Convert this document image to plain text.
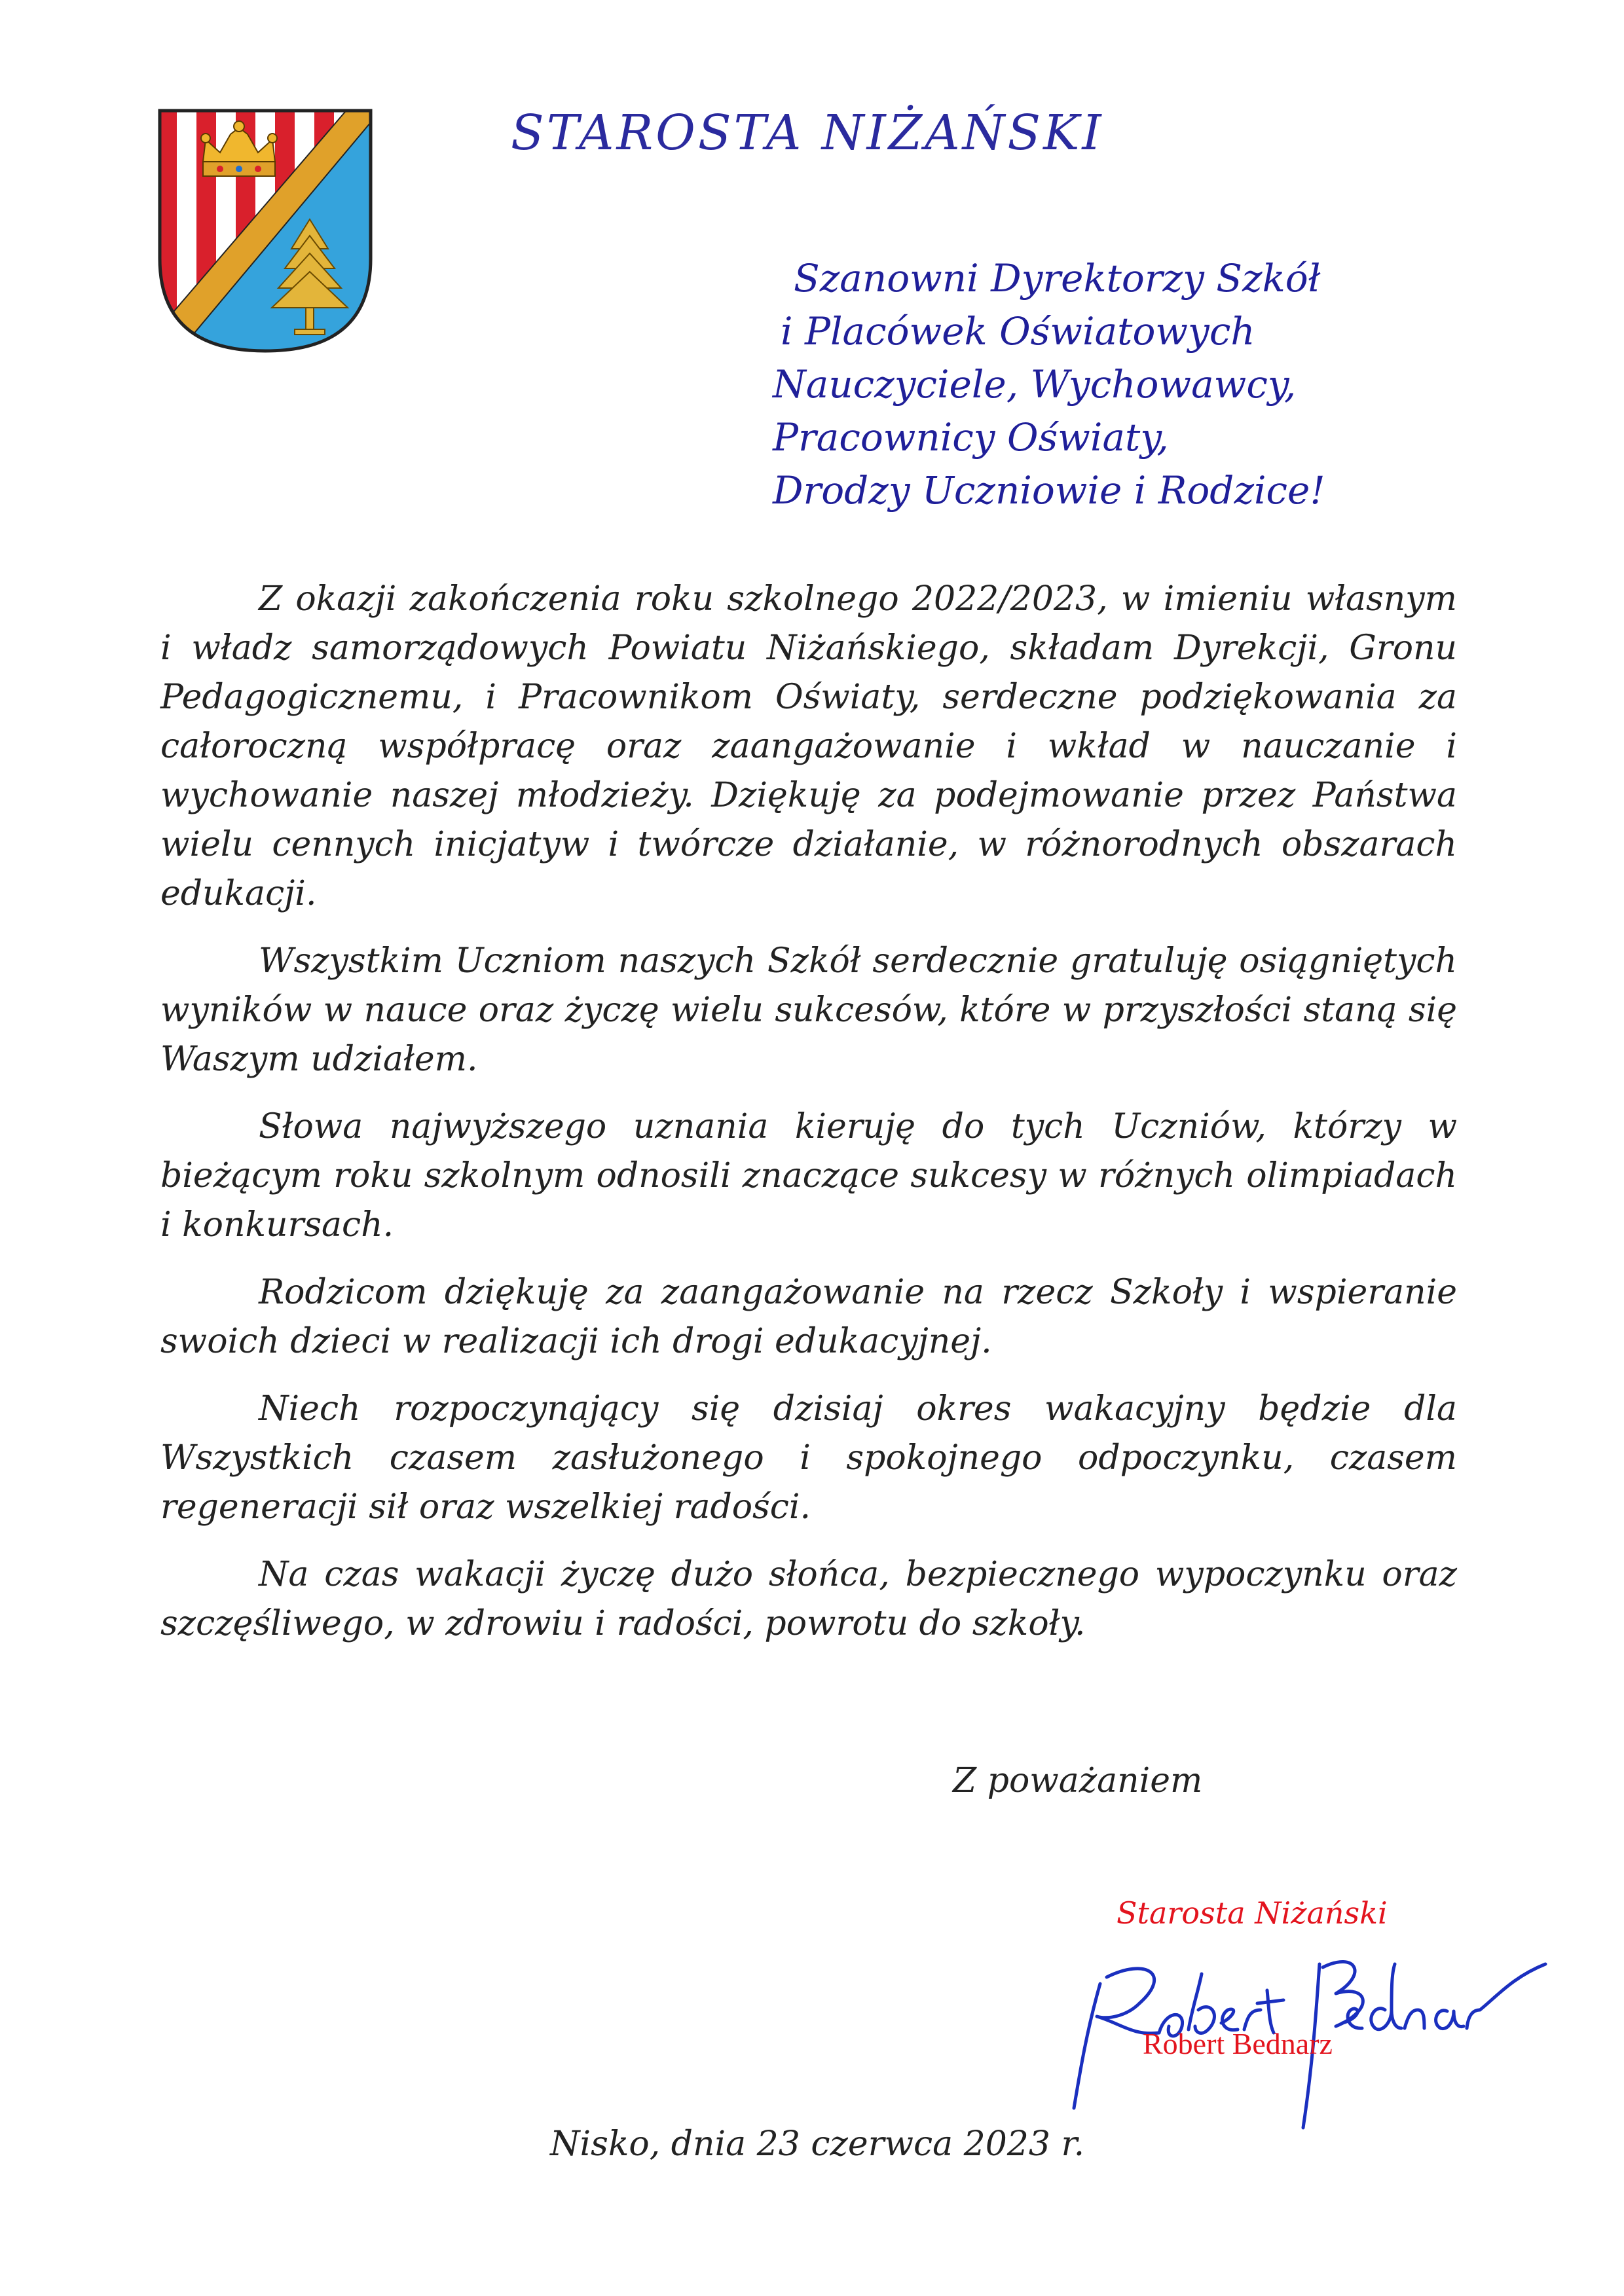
STAROSTA NIŻAŃSKI
Szanowni Dyrektorzy Szkół
i Placówek Oświatowych
Nauczyciele, Wychowawcy,
Pracownicy Oświaty,
Drodzy Uczniowie i Rodzice!

Z okazji zakończenia roku szkolnego 2022/2023, w imieniu własnym i władz samorządowych Powiatu Niżańskiego, składam Dyrekcji, Gronu Pedagogicznemu, i Pracownikom Oświaty, serdeczne podziękowania za całoroczną współpracę oraz zaangażowanie i wkład w nauczanie i wychowanie naszej młodzieży. Dziękuję za podejmowanie przez Państwa wielu cennych inicjatyw i twórcze działanie, w różnorodnych obszarach edukacji.

Wszystkim Uczniom naszych Szkół serdecznie gratuluję osiągniętych wyników w nauce oraz życzę wielu sukcesów, które w przyszłości staną się Waszym udziałem.

Słowa najwyższego uznania kieruję do tych Uczniów, którzy w bieżącym roku szkolnym odnosili znaczące sukcesy w różnych olimpiadach i konkursach.

Rodzicom dziękuję za zaangażowanie na rzecz Szkoły i wspieranie swoich dzieci w realizacji ich drogi edukacyjnej.

Niech rozpoczynający się dzisiaj okres wakacyjny będzie dla Wszystkich czasem zasłużonego i spokojnego odpoczynku, czasem regeneracji sił oraz wszelkiej radości.

Na czas wakacji życzę dużo słońca, bezpiecznego wypoczynku oraz szczęśliwego, w zdrowiu i radości, powrotu do szkoły.

Z poważaniem
Starosta Niżański
Robert Bednarz
Nisko, dnia 23 czerwca 2023 r.
